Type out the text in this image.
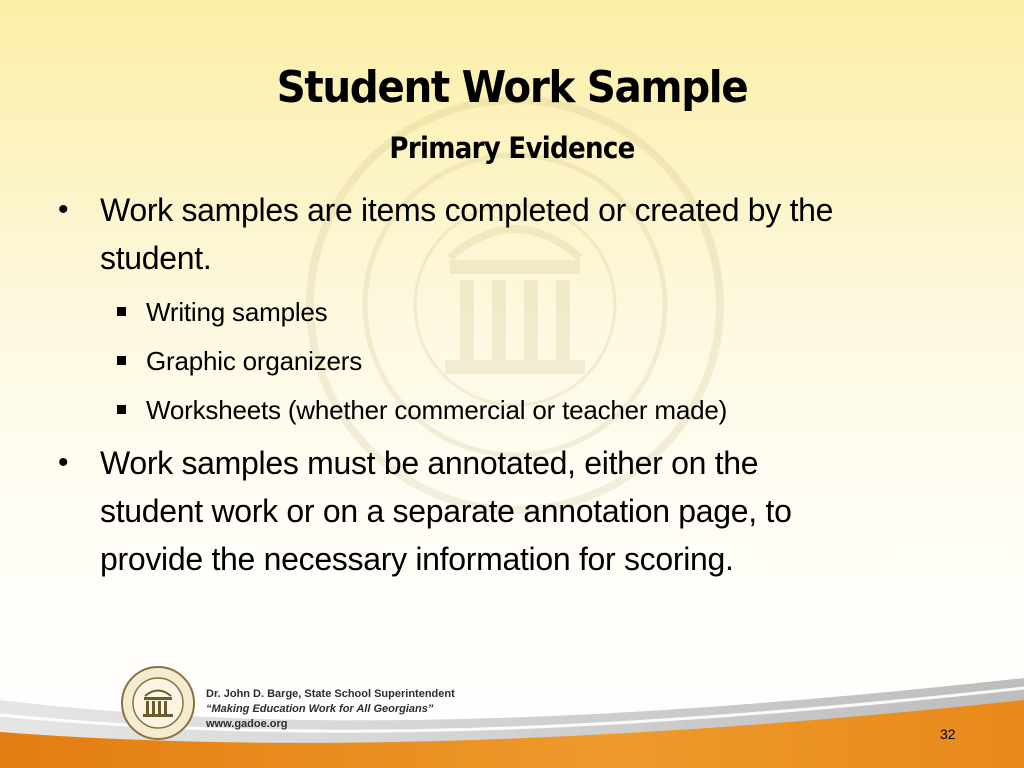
Student Work Sample
Primary Evidence
• Work samples are items completed or created by the
student.
Writing samples
Graphic organizers
Worksheets (whether commercial or teacher made)
• Work samples must be annotated, either on the
student work or on a separate annotation page, to
provide the necessary information for scoring.
Dr. John D. Barge, State School Superintendent
“Making Education Work for All Georgians”
www.gadoe.org
32
